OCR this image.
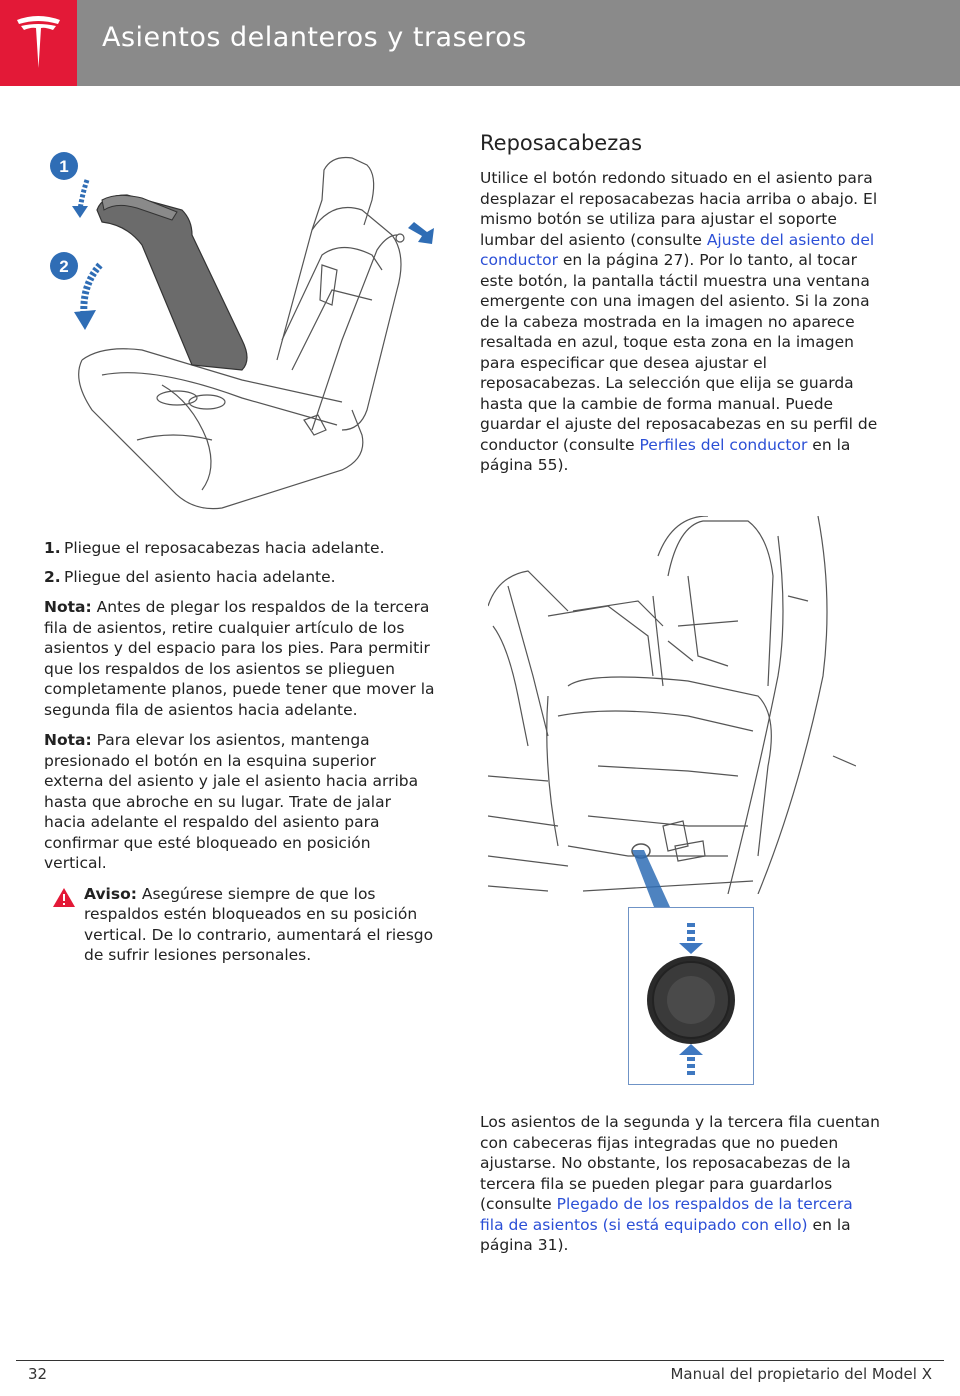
Asientos delanteros y traseros
1
2
1. Pliegue el reposacabezas hacia adelante.
2. Pliegue del asiento hacia adelante.

Nota: Antes de plegar los respaldos de la tercera fila de asientos, retire cualquier artículo de los asientos y del espacio para los pies. Para permitir que los respaldos de los asientos se plieguen completamente planos, puede tener que mover la segunda fila de asientos hacia adelante.

Nota: Para elevar los asientos, mantenga presionado el botón en la esquina superior externa del asiento y jale el asiento hacia arriba hasta que abroche en su lugar. Trate de jalar hacia adelante el respaldo del asiento para confirmar que esté bloqueado en posición vertical.

Aviso: Asegúrese siempre de que los respaldos estén bloqueados en su posición vertical. De lo contrario, aumentará el riesgo de sufrir lesiones personales.
Reposacabezas

Utilice el botón redondo situado en el asiento para desplazar el reposacabezas hacia arriba o abajo. El mismo botón se utiliza para ajustar el soporte lumbar del asiento (consulte Ajuste del asiento del conductor en la página 27). Por lo tanto, al tocar este botón, la pantalla táctil muestra una ventana emergente con una imagen del asiento. Si la zona de la cabeza mostrada en la imagen no aparece resaltada en azul, toque esta zona en la imagen para especificar que desea ajustar el reposacabezas. La selección que elija se guarda hasta que la cambie de forma manual. Puede guardar el ajuste del reposacabezas en su perfil de conductor (consulte Perfiles del conductor en la página 55).

Los asientos de la segunda y la tercera fila cuentan con cabeceras fijas integradas que no pueden ajustarse. No obstante, los reposacabezas de la tercera fila se pueden plegar para guardarlos (consulte Plegado de los respaldos de la tercera fila de asientos (si está equipado con ello) en la página 31).

32	Manual del propietario del Model X
